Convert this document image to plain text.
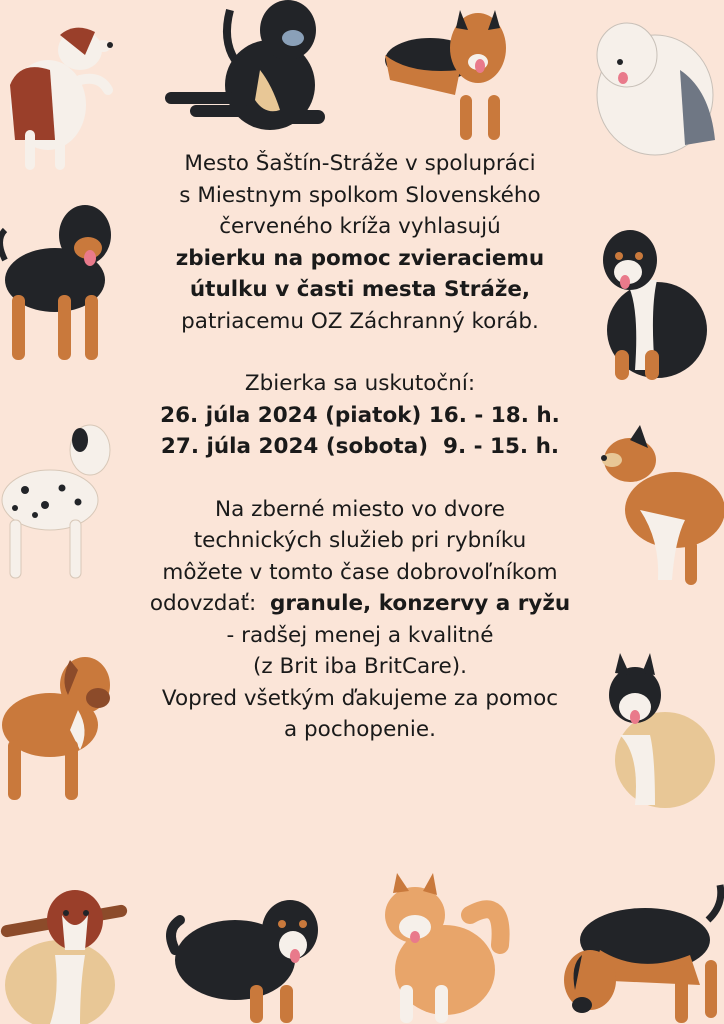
Mesto Šaštín-Stráže v spolupráci

s Miestnym spolkom Slovenského

červeného kríža vyhlasujú

zbierku na pomoc zvieraciemu

útulku v časti mesta Stráže,

patriacemu OZ Záchranný koráb.

Zbierka sa uskutoční:

26. júla 2024 (piatok) 16. - 18. h.

27. júla 2024 (sobota)  9. - 15. h.

Na zberné miesto vo dvore

technických služieb pri rybníku

môžete v tomto čase dobrovoľníkom

odovzdať:  granule, konzervy a ryžu

- radšej menej a kvalitné

(z Brit iba BritCare).

Vopred všetkým ďakujeme za pomoc

a pochopenie.
